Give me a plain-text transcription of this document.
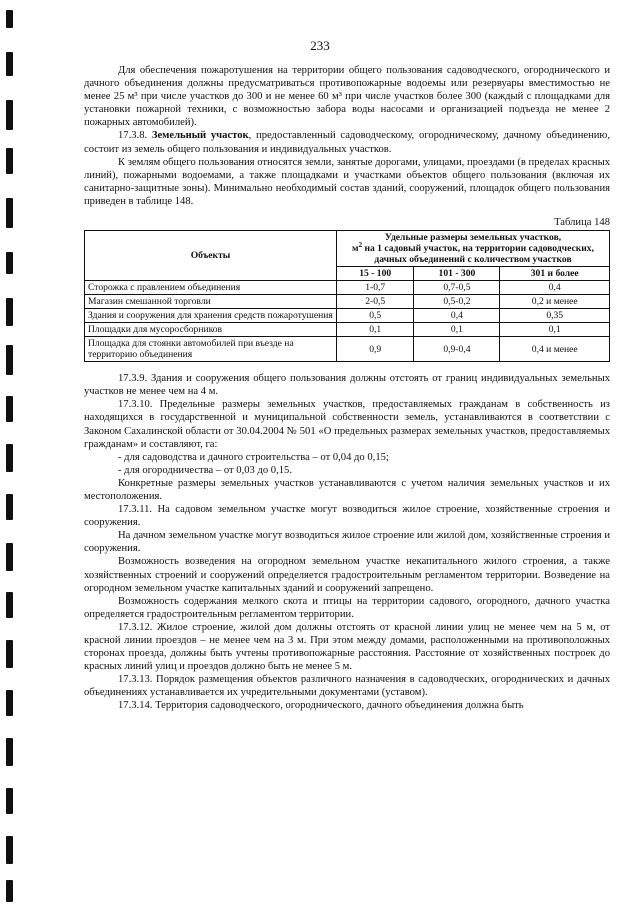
233

Для обеспечения пожаротушения на территории общего пользования садоводческого, огороднического и дачного объединения должны предусматриваться противопожарные водоемы или резервуары вместимостью не менее 25 м³ при числе участков до 300 и не менее 60 м³ при числе участков более 300 (каждый с площадками для установки пожарной техники, с возможностью забора воды насосами и организацией подъезда не менее 2 пожарных автомобилей).

17.3.8. Земельный участок, предоставленный садоводческому, огородническому, дачному объединению, состоит из земель общего пользования и индивидуальных участков.

К землям общего пользования относятся земли, занятые дорогами, улицами, проездами (в пределах красных линий), пожарными водоемами, а также площадками и участками объектов общего пользования (включая их санитарно-защитные зоны). Минимально необходимый состав зданий, сооружений, площадок общего пользования приведен в таблице 148.

Таблица 148
Объекты	Удельные размеры земельных участков,
$м^2$ на 1 садовый участок, на территории садоводческих, дачных объединений с количеством участков		
	15 - 100	101 - 300	301 и более
Сторожка с правлением объединения	1-0,7	0,7-0,5	0,4
Магазин смешанной торговли	2-0,5	0,5-0,2	0,2 и менее
Здания и сооружения для хранения средств пожаротушения	0,5	0,4	0,35
Площадки для мусоросборников	0,1	0,1	0,1
Площадка для стоянки автомобилей при въезде на территорию объединения	0,9	0,9-0,4	0,4 и менее

17.3.9. Здания и сооружения общего пользования должны отстоять от границ индивидуальных земельных участков не менее чем на 4 м.

17.3.10. Предельные размеры земельных участков, предоставляемых гражданам в собственность из находящихся в государственной и муниципальной собственности земель, устанавливаются в соответствии с Законом Сахалинской области от 30.04.2004 № 501 «О предельных размерах земельных участков, предоставляемых гражданам» и составляют, га:

- для садоводства и дачного строительства – от 0,04 до 0,15;

- для огородничества – от 0,03 до 0,15.

Конкретные размеры земельных участков устанавливаются с учетом наличия земельных участков и их местоположения.

17.3.11. На садовом земельном участке могут возводиться жилое строение, хозяйственные строения и сооружения.

На дачном земельном участке могут возводиться жилое строение или жилой дом, хозяйственные строения и сооружения.

Возможность возведения на огородном земельном участке некапитального жилого строения, а также хозяйственных строений и сооружений определяется градостроительным регламентом территории. Возведение на огородном земельном участке капитальных зданий и сооружений запрещено.

Возможность содержания мелкого скота и птицы на территории садового, огородного, дачного участка определяется градостроительным регламентом территории.

17.3.12. Жилое строение, жилой дом должны отстоять от красной линии улиц не менее чем на 5 м, от красной линии проездов – не менее чем на 3 м. При этом между домами, расположенными на противоположных сторонах проезда, должны быть учтены противопожарные расстояния. Расстояние от хозяйственных построек до красных линий улиц и проездов должно быть не менее 5 м.

17.3.13. Порядок размещения объектов различного назначения в садоводческих, огороднических и дачных объединениях устанавливается их учредительными документами (уставом).

17.3.14. Территория садоводческого, огороднического, дачного объединения должна быть
